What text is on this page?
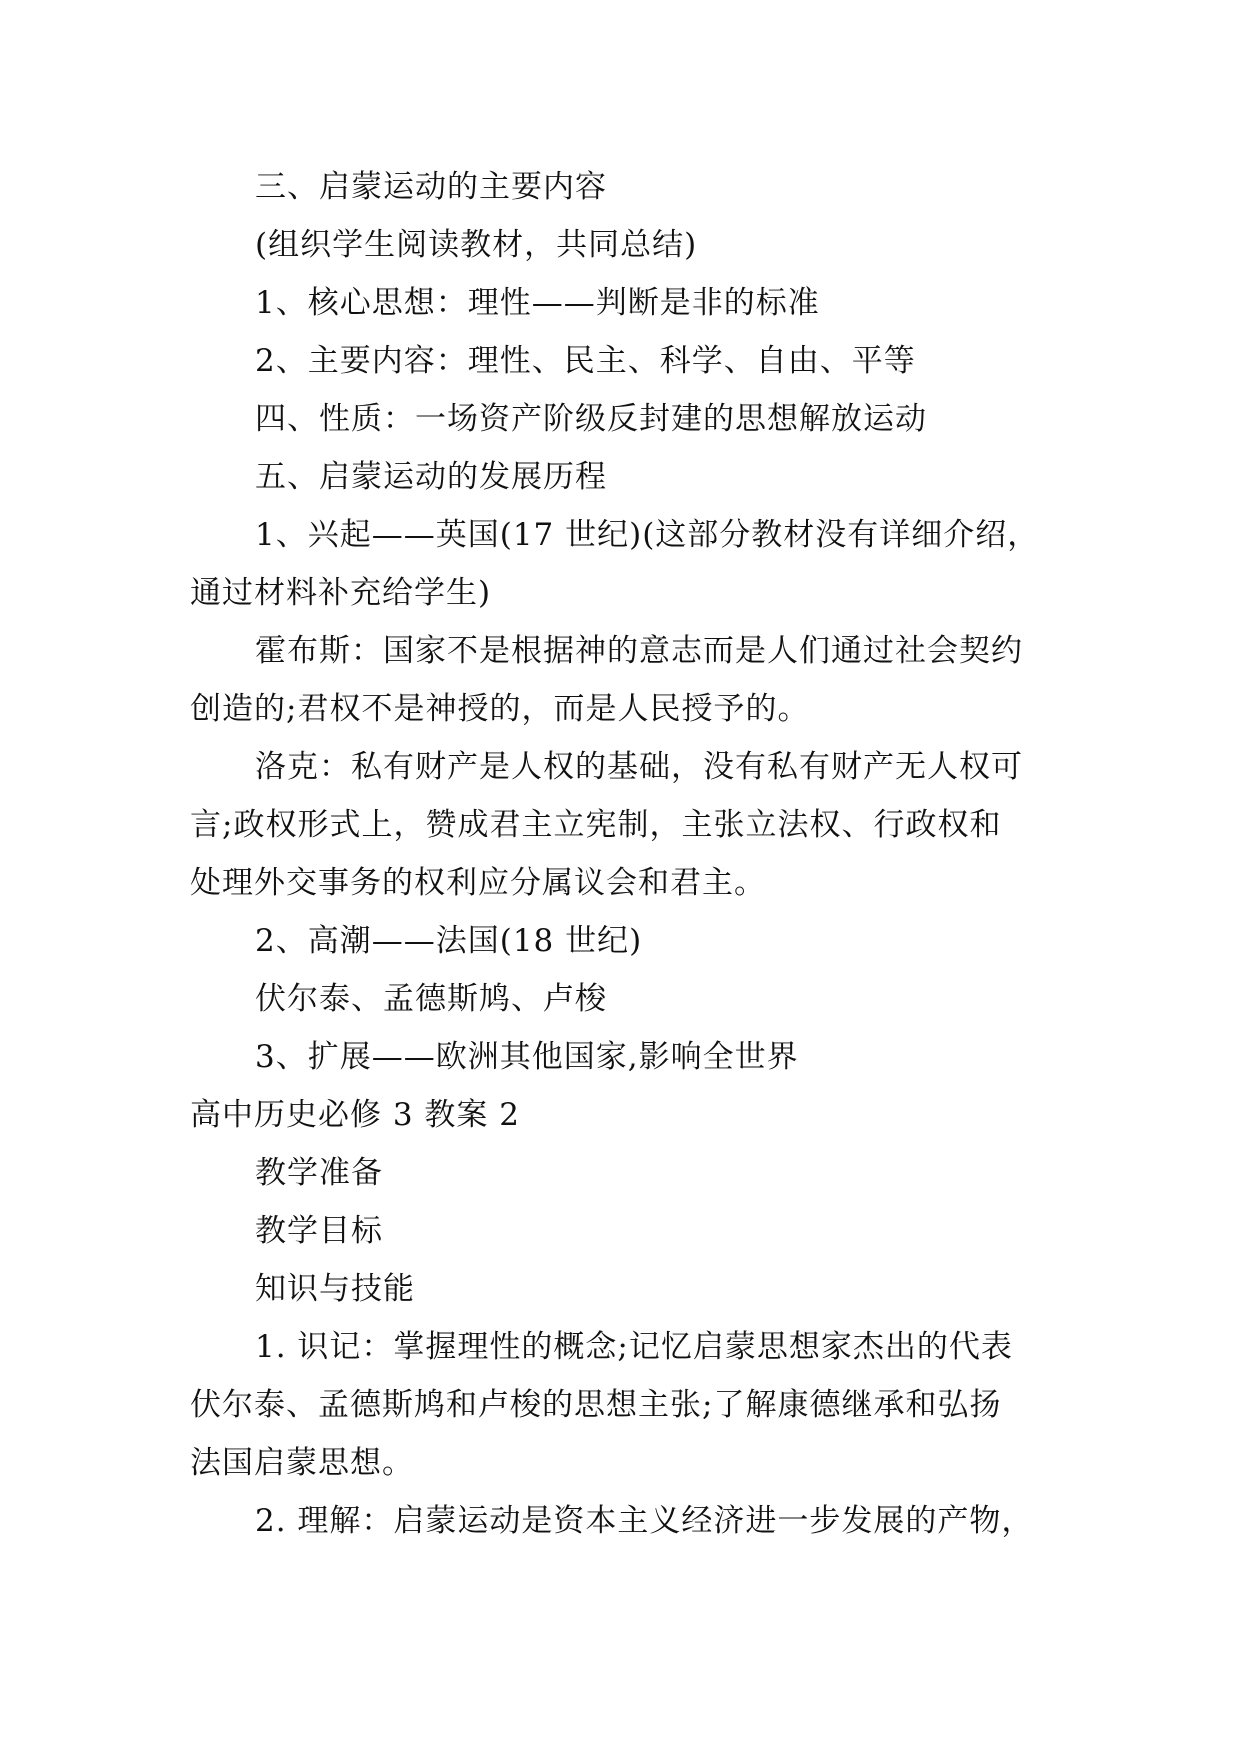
三、启蒙运动的主要内容
(组织学生阅读教材，共同总结)
1、核心思想：理性——判断是非的标准
2、主要内容：理性、民主、科学、自由、平等
四、性质：一场资产阶级反封建的思想解放运动
五、启蒙运动的发展历程
1、兴起——英国(17 世纪)(这部分教材没有详细介绍，
通过材料补充给学生)
霍布斯：国家不是根据神的意志而是人们通过社会契约
创造的;君权不是神授的，而是人民授予的。
洛克：私有财产是人权的基础，没有私有财产无人权可
言;政权形式上，赞成君主立宪制，主张立法权、行政权和
处理外交事务的权利应分属议会和君主。
2、高潮——法国(18 世纪)
伏尔泰、孟德斯鸠、卢梭
3、扩展——欧洲其他国家,影响全世界
高中历史必修 3 教案 2
教学准备
教学目标
知识与技能
1. 识记：掌握理性的概念;记忆启蒙思想家杰出的代表
伏尔泰、孟德斯鸠和卢梭的思想主张;了解康德继承和弘扬
法国启蒙思想。
2. 理解：启蒙运动是资本主义经济进一步发展的产物，
